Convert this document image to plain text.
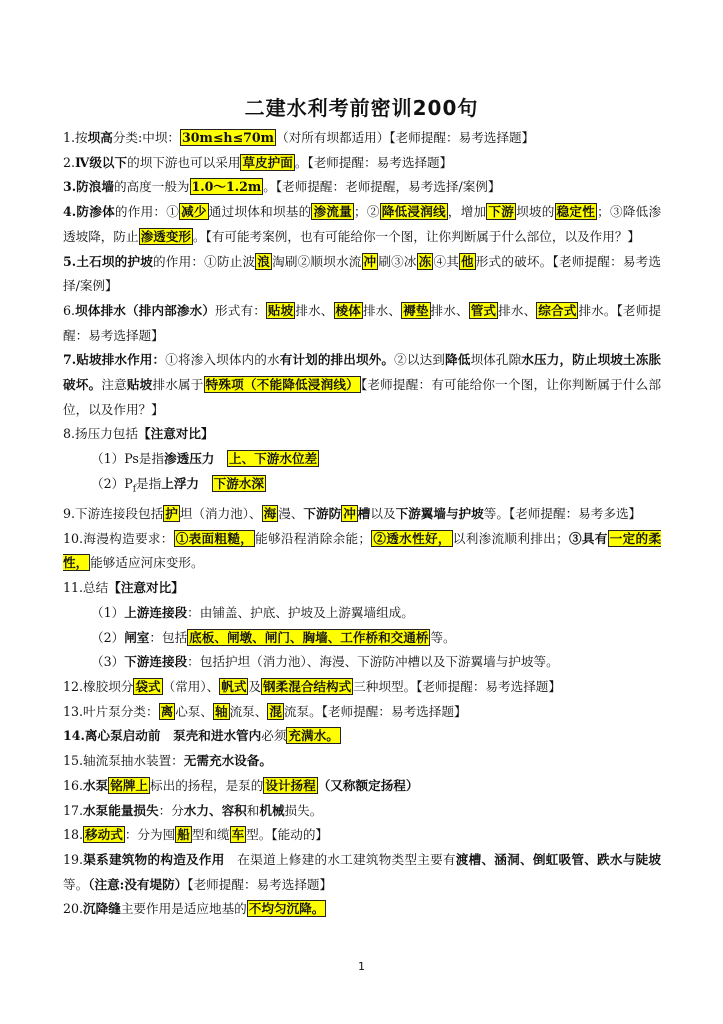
二建水利考前密训200句

1.按坝高分类:中坝： 30m≤h≤70m （对所有坝都适用）【老师提醒：易考选择题】

2.Ⅳ级以下的坝下游也可以采用 草皮护面 。【老师提醒：易考选择题】

3.防浪墙的高度一般为 1.0～1.2m 。【老师提醒：老师提醒，易考选择/案例】

4.防渗体的作用：① 减少 通过坝体和坝基的 渗流量 ；② 降低浸润线 ，增加 下游 坝坡的 稳定性 ；③降低渗透坡降，防止 渗透变形 。【有可能考案例，也有可能给你一个图，让你判断属于什么部位，以及作用？】

5.土石坝的护坡的作用：①防止波 浪 淘刷②顺坝水流 冲 刷③冰 冻 ④其 他 形式的破坏。【老师提醒：易考选择/案例】

6.坝体排水（排内部渗水）形式有： 贴坡 排水、 棱体 排水、 褥垫 排水、 管式 排水、 综合式 排水。【老师提醒：易考选择题】

7.贴坡排水作用：①将渗入坝体内的水有计划的排出坝外。②以达到降低坝体孔隙水压力，防止坝坡土冻胀破坏。注意贴坡排水属于 特殊项（不能降低浸润线） 【老师提醒：有可能给你一个图，让你判断属于什么部位，以及作用？】

8.扬压力包括【注意对比】

（1）Ps是指渗透压力　 上、下游水位差

$(2)P_f$是指上浮力　 下游水深

9.下游连接段包括 护 坦（消力池）、 海 漫、下游防 冲 槽以及下游翼墙与护坡等。【老师提醒：易考多选】

10.海漫构造要求： ①表面粗糙， 能够沿程消除余能； ②透水性好， 以利渗流顺利排出；③具有 一定的柔性， 能够适应河床变形。

11.总结【注意对比】

（1）上游连接段：由铺盖、护底、护坡及上游翼墙组成。

（2）闸室：包括 底板、闸墩、闸门、胸墙、工作桥和交通桥 等。

（3）下游连接段：包括护坦（消力池）、海漫、下游防冲槽以及下游翼墙与护坡等。

12.橡胶坝分 袋式 （常用）、 帆式 及 钢柔混合结构式 三种坝型。【老师提醒：易考选择题】

13.叶片泵分类： 离 心泵、 轴 流泵、 混 流泵。【老师提醒：易考选择题】

14.离心泵启动前　泵壳和进水管内必须 充满水。

15.轴流泵抽水装置：无需充水设备。

16.水泵 铭牌上 标出的扬程，是泵的 设计扬程 （又称额定扬程）

17.水泵能量损失：分水力、容积和机械损失。

18. 移动式 ：分为囤 船 型和缆 车 型。【能动的】

19.渠系建筑物的构造及作用　在渠道上修建的水工建筑物类型主要有渡槽、涵洞、倒虹吸管、跌水与陡坡等。（注意:没有堤防）【老师提醒：易考选择题】

20.沉降缝主要作用是适应地基的 不均匀沉降。

1
